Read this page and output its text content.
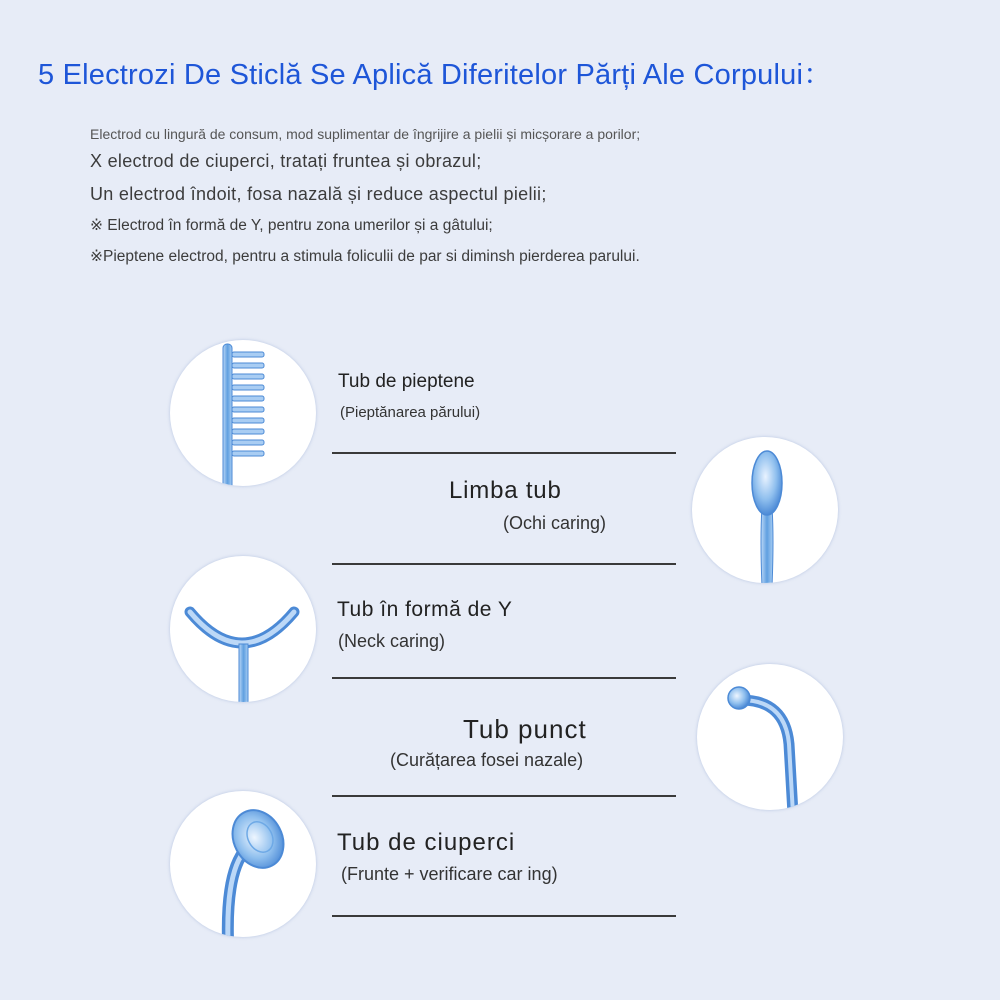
5 Electrozi De Sticlă Se Aplică Diferitelor Părți Ale Corpului：
Electrod cu lingură de consum, mod suplimentar de îngrijire a pielii și micșorare a porilor;
X electrod de ciuperci, tratați fruntea și obrazul;
Un electrod îndoit, fosa nazală și reduce aspectul pielii;
※ Electrod în formă de Y, pentru zona umerilor și a gâtului;
※Pieptene electrod, pentru a stimula foliculii de par si diminsh pierderea parului.
Tub de pieptene
(Pieptănarea părului)
Limba tub
(Ochi caring)
Tub în formă de Y
(Neck caring)
Tub punct
(Curățarea fosei nazale)
Tub de ciuperci
(Frunte + verificare car ing)
